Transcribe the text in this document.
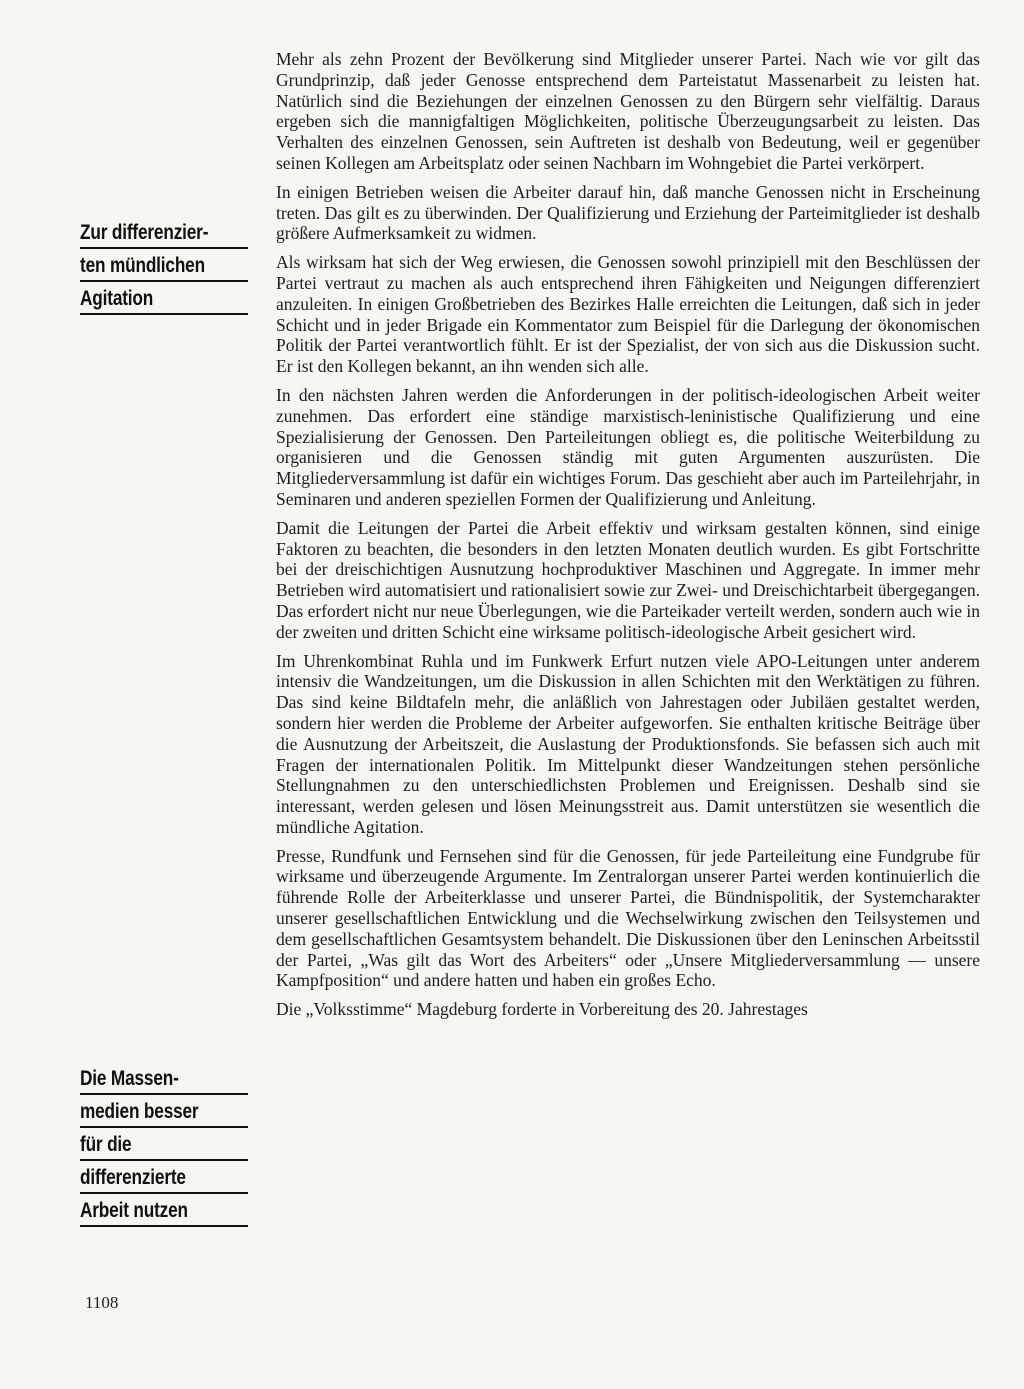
Zur differenzier-
ten mündlichen
Agitation
Die Massen-
medien besser
für die
differenzierte
Arbeit nutzen

Mehr als zehn Prozent der Bevölkerung sind Mitglieder unserer Partei. Nach wie vor gilt das Grundprinzip, daß jeder Genosse entsprechend dem Parteistatut Massenarbeit zu leisten hat. Natürlich sind die Beziehungen der einzelnen Genossen zu den Bürgern sehr vielfältig. Daraus ergeben sich die mannigfaltigen Möglichkeiten, politische Überzeugungsarbeit zu leisten. Das Verhalten des einzelnen Genossen, sein Auftreten ist deshalb von Bedeutung, weil er gegenüber seinen Kollegen am Arbeitsplatz oder seinen Nachbarn im Wohngebiet die Partei verkörpert.

In einigen Betrieben weisen die Arbeiter darauf hin, daß manche Genossen nicht in Erscheinung treten. Das gilt es zu überwinden. Der Qualifizierung und Erziehung der Parteimitglieder ist deshalb größere Aufmerksamkeit zu widmen.

Als wirksam hat sich der Weg erwiesen, die Genossen sowohl prinzipiell mit den Beschlüssen der Partei vertraut zu machen als auch entsprechend ihren Fähigkeiten und Neigungen differenziert anzuleiten. In einigen Großbetrieben des Bezirkes Halle erreichten die Leitungen, daß sich in jeder Schicht und in jeder Brigade ein Kommentator zum Beispiel für die Darlegung der ökonomischen Politik der Partei verantwortlich fühlt. Er ist der Spezialist, der von sich aus die Diskussion sucht. Er ist den Kollegen bekannt, an ihn wenden sich alle.

In den nächsten Jahren werden die Anforderungen in der politisch-ideologischen Arbeit weiter zunehmen. Das erfordert eine ständige marxistisch-leninistische Qualifizierung und eine Spezialisierung der Genossen. Den Parteileitungen obliegt es, die politische Weiterbildung zu organisieren und die Genossen ständig mit guten Argumenten auszurüsten. Die Mitgliederversammlung ist dafür ein wichtiges Forum. Das geschieht aber auch im Parteilehrjahr, in Seminaren und anderen speziellen Formen der Qualifizierung und Anleitung.

Damit die Leitungen der Partei die Arbeit effektiv und wirksam gestalten können, sind einige Faktoren zu beachten, die besonders in den letzten Monaten deutlich wurden. Es gibt Fortschritte bei der dreischichtigen Ausnutzung hochproduktiver Maschinen und Aggregate. In immer mehr Betrieben wird automatisiert und rationalisiert sowie zur Zwei- und Dreischichtarbeit übergegangen. Das erfordert nicht nur neue Überlegungen, wie die Parteikader verteilt werden, sondern auch wie in der zweiten und dritten Schicht eine wirksame politisch-ideologische Arbeit gesichert wird.

Im Uhrenkombinat Ruhla und im Funkwerk Erfurt nutzen viele APO-Leitungen unter anderem intensiv die Wandzeitungen, um die Diskussion in allen Schichten mit den Werktätigen zu führen. Das sind keine Bildtafeln mehr, die anläßlich von Jahrestagen oder Jubiläen gestaltet werden, sondern hier werden die Probleme der Arbeiter aufgeworfen. Sie enthalten kritische Beiträge über die Ausnutzung der Arbeitszeit, die Auslastung der Produktionsfonds. Sie befassen sich auch mit Fragen der internationalen Politik. Im Mittelpunkt dieser Wandzeitungen stehen persönliche Stellungnahmen zu den unterschiedlichsten Problemen und Ereignissen. Deshalb sind sie interessant, werden gelesen und lösen Meinungsstreit aus. Damit unterstützen sie wesentlich die mündliche Agitation.

Presse, Rundfunk und Fernsehen sind für die Genossen, für jede Parteileitung eine Fundgrube für wirksame und überzeugende Argumente. Im Zentralorgan unserer Partei werden kontinuierlich die führende Rolle der Arbeiterklasse und unserer Partei, die Bündnispolitik, der Systemcharakter unserer gesellschaftlichen Entwicklung und die Wechselwirkung zwischen den Teilsystemen und dem gesellschaftlichen Gesamtsystem behandelt. Die Diskussionen über den Leninschen Arbeitsstil der Partei, „Was gilt das Wort des Arbeiters“ oder „Unsere Mitgliederversammlung — unsere Kampfposition“ und andere hatten und haben ein großes Echo.

Die „Volksstimme“ Magdeburg forderte in Vorbereitung des 20. Jahrestages

1108
